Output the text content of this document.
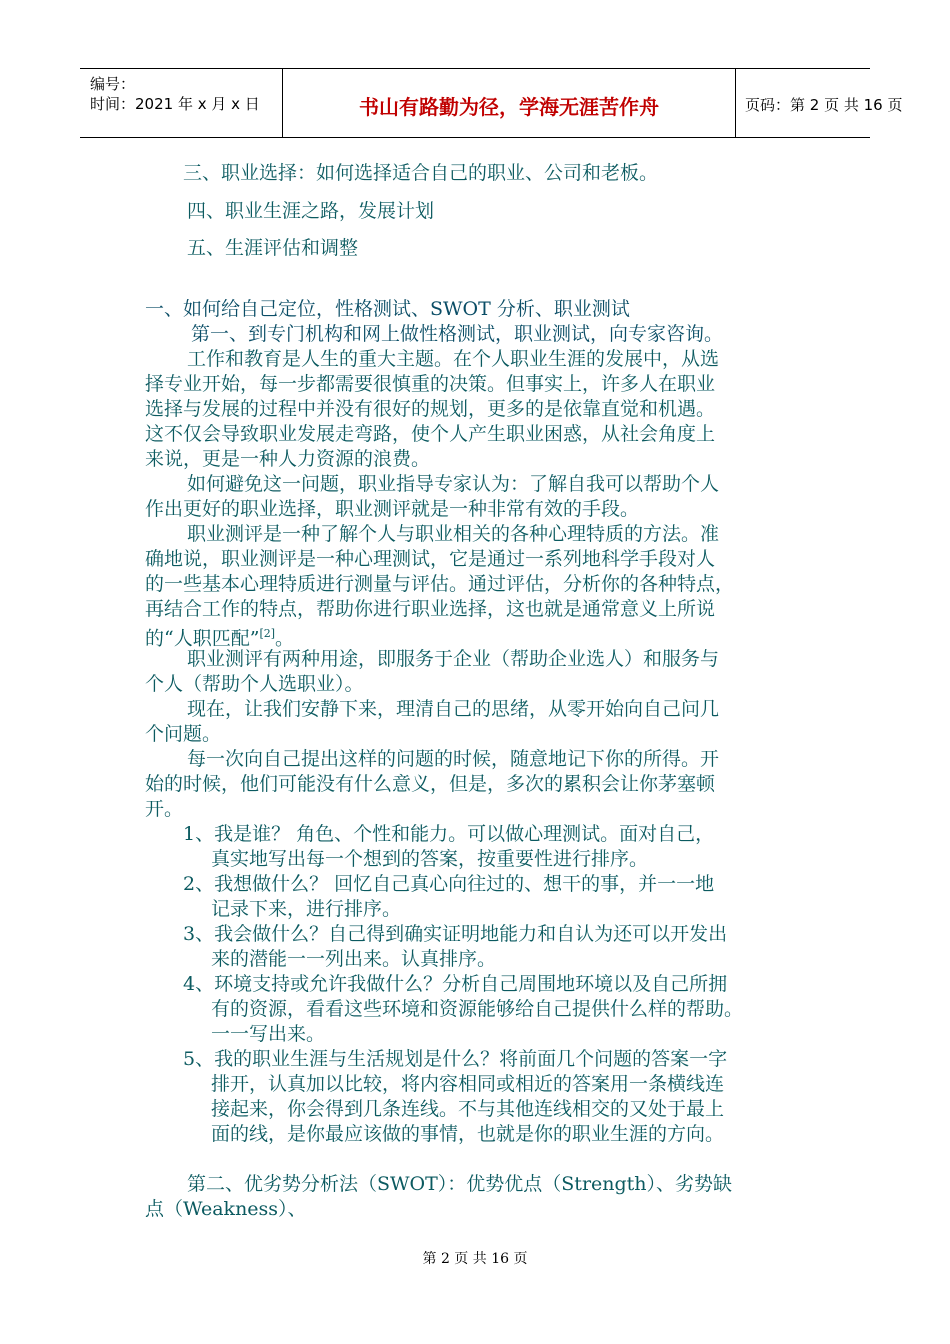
编号：
时间：2021 年 x 月 x 日	书山有路勤为径，学海无涯苦作舟	页码：第 2 页 共 16 页
三、职业选择：如何选择适合自己的职业、公司和老板。
四、职业生涯之路，发展计划
五、生涯评估和调整
一、如何给自己定位，性格测试、SWOT 分析、职业测试
第一、到专门机构和网上做性格测试，职业测试，向专家咨询。
工作和教育是人生的重大主题。在个人职业生涯的发展中，从选
择专业开始，每一步都需要很慎重的决策。但事实上，许多人在职业
选择与发展的过程中并没有很好的规划，更多的是依靠直觉和机遇。
这不仅会导致职业发展走弯路，使个人产生职业困惑，从社会角度上
来说，更是一种人力资源的浪费。
如何避免这一问题，职业指导专家认为：了解自我可以帮助个人
作出更好的职业选择，职业测评就是一种非常有效的手段。
职业测评是一种了解个人与职业相关的各种心理特质的方法。准
确地说，职业测评是一种心理测试，它是通过一系列地科学手段对人
的一些基本心理特质进行测量与评估。通过评估，分析你的各种特点，
再结合工作的特点，帮助你进行职业选择，这也就是通常意义上所说
的“人职匹配”[2]。
职业测评有两种用途，即服务于企业（帮助企业选人）和服务与
个人（帮助个人选职业）。
现在，让我们安静下来，理清自己的思绪，从零开始向自己问几
个问题。
每一次向自己提出这样的问题的时候，随意地记下你的所得。开
始的时候，他们可能没有什么意义，但是，多次的累积会让你茅塞顿
开。
1、我是谁？ 角色、个性和能力。可以做心理测试。面对自己，
真实地写出每一个想到的答案，按重要性进行排序。
2、我想做什么？ 回忆自己真心向往过的、想干的事，并一一地
记录下来，进行排序。
3、我会做什么？自己得到确实证明地能力和自认为还可以开发出
来的潜能一一列出来。认真排序。
4、环境支持或允许我做什么？分析自己周围地环境以及自己所拥
有的资源，看看这些环境和资源能够给自己提供什么样的帮助。
一一写出来。
5、我的职业生涯与生活规划是什么？将前面几个问题的答案一字
排开，认真加以比较，将内容相同或相近的答案用一条横线连
接起来，你会得到几条连线。不与其他连线相交的又处于最上
面的线，是你最应该做的事情，也就是你的职业生涯的方向。
第二、优劣势分析法（SWOT）：优势优点（Strength）、劣势缺
点（Weakness）、
第 2 页 共 16 页
